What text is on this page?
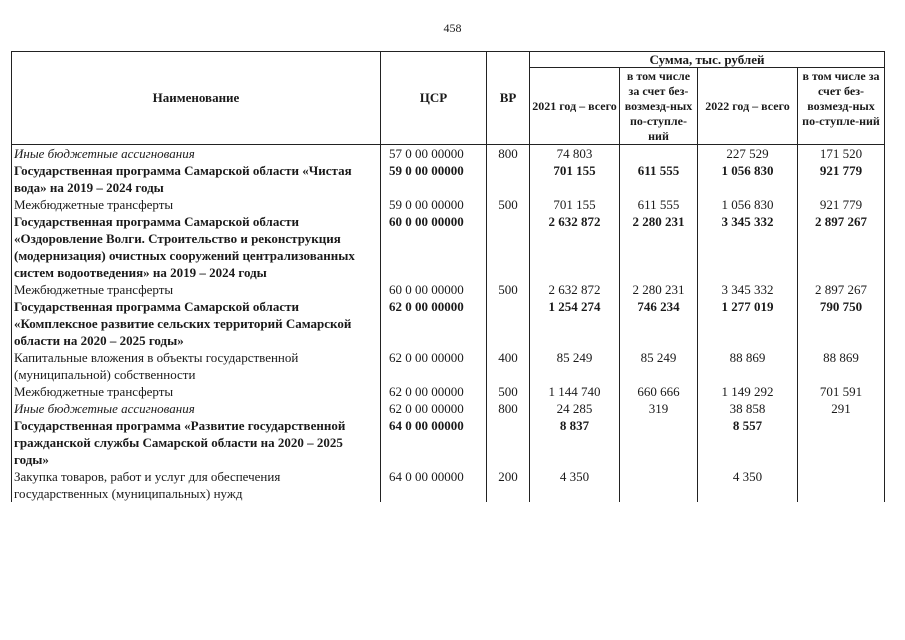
458
Наименование	ЦСР	ВР	Сумма, тыс. рублей			
			2021 год – всего	в том числе за счет без-возмезд-ных по-ступле-ний	2022 год – всего	в том числе за счет без-возмезд-ных по-ступле-ний
Иные бюджетные ассигнования	57 0 00 00000	800	74 803		227 529	171 520
Государственная программа Самарской области «Чистая вода» на 2019 – 2024 годы	59 0 00 00000		701 155	611 555	1 056 830	921 779
Межбюджетные трансферты	59 0 00 00000	500	701 155	611 555	1 056 830	921 779
Государственная программа Самарской области «Оздоровление Волги. Строительство и реконструкция (модернизация) очистных сооружений централизованных систем водоотведения» на 2019 – 2024 годы	60 0 00 00000		2 632 872	2 280 231	3 345 332	2 897 267
Межбюджетные трансферты	60 0 00 00000	500	2 632 872	2 280 231	3 345 332	2 897 267
Государственная программа Самарской области «Комплексное развитие сельских территорий Самарской области на 2020 – 2025 годы»	62 0 00 00000		1 254 274	746 234	1 277 019	790 750
Капитальные вложения в объекты государственной (муниципальной) собственности	62 0 00 00000	400	85 249	85 249	88 869	88 869
Межбюджетные трансферты	62 0 00 00000	500	1 144 740	660 666	1 149 292	701 591
Иные бюджетные ассигнования	62 0 00 00000	800	24 285	319	38 858	291
Государственная программа «Развитие государственной гражданской службы Самарской области на 2020 – 2025 годы»	64 0 00 00000		8 837		8 557	
Закупка товаров, работ и услуг для обеспечения государственных (муниципальных) нужд	64 0 00 00000	200	4 350		4 350	
